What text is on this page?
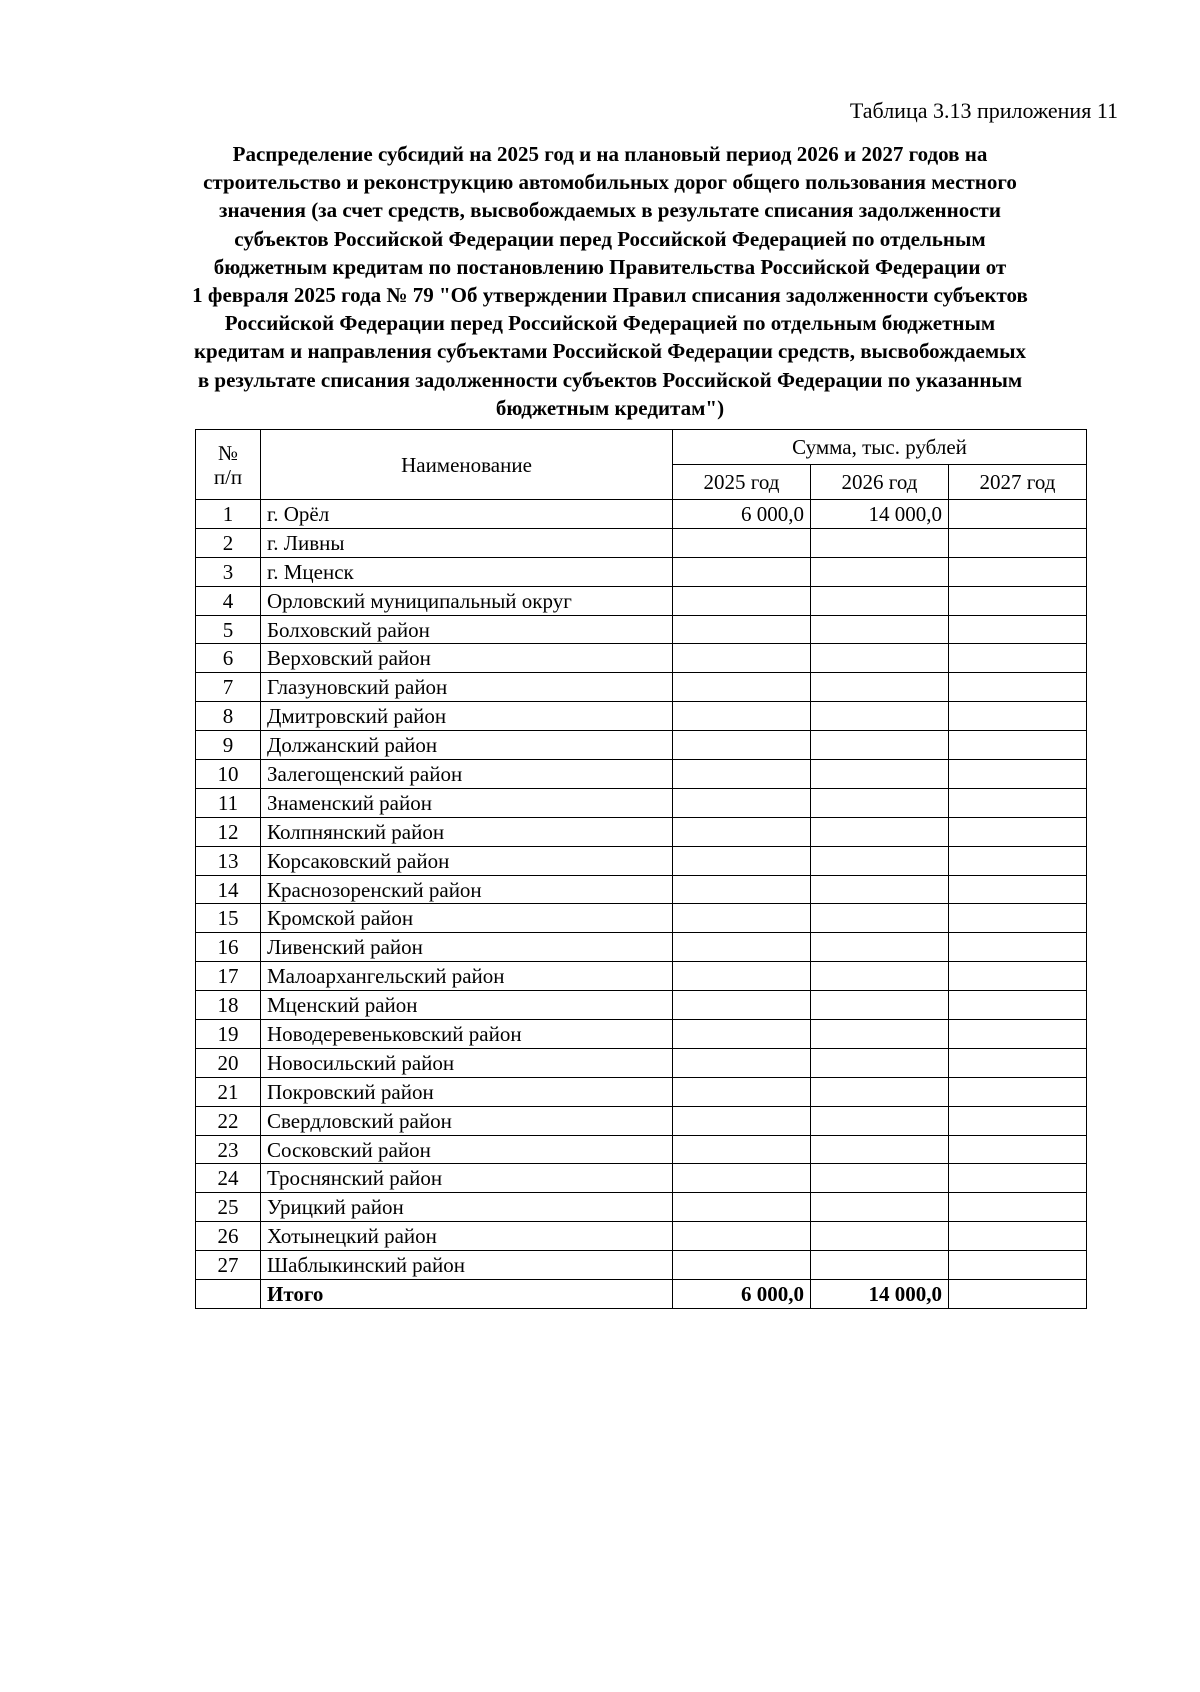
Таблица 3.13 приложения 11
Распределение субсидий на 2025 год и на плановый период 2026 и 2027 годов на
строительство и реконструкцию автомобильных дорог общего пользования местного
значения (за счет средств, высвобождаемых в результате списания задолженности
субъектов Российской Федерации перед Российской Федерацией по отдельным
бюджетным кредитам по постановлению Правительства Российской Федерации от
1 февраля 2025 года № 79 "Об утверждении Правил списания задолженности субъектов
Российской Федерации перед Российской Федерацией по отдельным бюджетным
кредитам и направления субъектами Российской Федерации средств, высвобождаемых
в результате списания задолженности субъектов Российской Федерации по указанным
бюджетным кредитам")
№
п/п	Наименование	Сумма, тыс. рублей		
		2025 год	2026 год	2027 год
1	г. Орёл	6 000,0	14 000,0	
2	г. Ливны			
3	г. Мценск			
4	Орловский муниципальный округ			
5	Болховский район			
6	Верховский район			
7	Глазуновский район			
8	Дмитровский район			
9	Должанский район			
10	Залегощенский район			
11	Знаменский район			
12	Колпнянский район			
13	Корсаковский район			
14	Краснозоренский район			
15	Кромской район			
16	Ливенский район			
17	Малоархангельский район			
18	Мценский район			
19	Новодеревеньковский район			
20	Новосильский район			
21	Покровский район			
22	Свердловский район			
23	Сосковский район			
24	Троснянский район			
25	Урицкий район			
26	Хотынецкий район			
27	Шаблыкинский район			
	Итого	6 000,0	14 000,0	
